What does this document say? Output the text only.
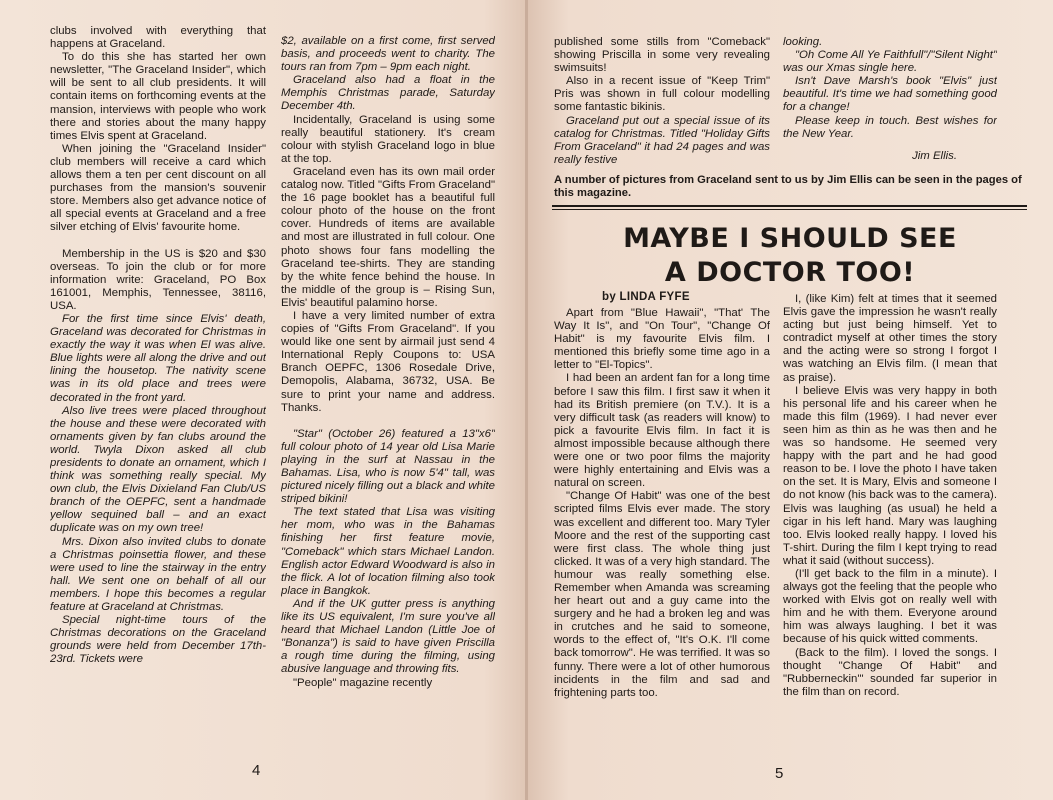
clubs involved with everything that happens at Graceland.

To do this she has started her own newsletter, "The Graceland Insider", which will be sent to all club presidents. It will contain items on forthcoming events at the mansion, interviews with people who work there and stories about the many happy times Elvis spent at Graceland.

When joining the "Graceland Insider" club members will receive a card which allows them a ten per cent discount on all purchases from the mansion's souvenir store. Members also get advance notice of all special events at Graceland and a free silver etching of Elvis' favourite home.

Membership in the US is $20 and $30 overseas. To join the club or for more information write: Graceland, PO Box 161001, Memphis, Tennessee, 38116, USA.

For the first time since Elvis' death, Graceland was decorated for Christmas in exactly the way it was when El was alive. Blue lights were all along the drive and out lining the housetop. The nativity scene was in its old place and trees were decorated in the front yard.

Also live trees were placed throughout the house and these were decorated with ornaments given by fan clubs around the world. Twyla Dixon asked all club presidents to donate an ornament, which I think was something really special. My own club, the Elvis Dixieland Fan Club/US branch of the OEPFC, sent a handmade yellow sequined ball – and an exact duplicate was on my own tree!

Mrs. Dixon also invited clubs to donate a Christmas poinsettia flower, and these were used to line the stairway in the entry hall. We sent one on behalf of all our members. I hope this becomes a regular feature at Graceland at Christmas.

Special night-time tours of the Christmas decorations on the Graceland grounds were held from December 17th-23rd. Tickets were

$2, available on a first come, first served basis, and proceeds went to charity. The tours ran from 7pm – 9pm each night.

Graceland also had a float in the Memphis Christmas parade, Saturday December 4th.

Incidentally, Graceland is using some really beautiful stationery. It's cream colour with stylish Graceland logo in blue at the top.

Graceland even has its own mail order catalog now. Titled "Gifts From Graceland" the 16 page booklet has a beautiful full colour photo of the house on the front cover. Hundreds of items are available and most are illustrated in full colour. One photo shows four fans modelling the Graceland tee-shirts. They are standing by the white fence behind the house. In the middle of the group is – Rising Sun, Elvis' beautiful palamino horse.

I have a very limited number of extra copies of "Gifts From Graceland". If you would like one sent by airmail just send 4 International Reply Coupons to: USA Branch OEPFC, 1306 Rosedale Drive, Demopolis, Alabama, 36732, USA. Be sure to print your name and address. Thanks.

"Star" (October 26) featured a 13"x6" full colour photo of 14 year old Lisa Marie playing in the surf at Nassau in the Bahamas. Lisa, who is now 5'4" tall, was pictured nicely filling out a black and white striped bikini!

The text stated that Lisa was visiting her mom, who was in the Bahamas finishing her first feature movie, "Comeback" which stars Michael Landon. English actor Edward Woodward is also in the flick. A lot of location filming also took place in Bangkok.

And if the UK gutter press is anything like its US equivalent, I'm sure you've all heard that Michael Landon (Little Joe of "Bonanza") is said to have given Priscilla a rough time during the filming, using abusive language and throwing fits.

"People" magazine recently

4

published some stills from "Comeback" showing Priscilla in some very revealing swimsuits!

Also in a recent issue of "Keep Trim" Pris was shown in full colour modelling some fantastic bikinis.

Graceland put out a special issue of its catalog for Christmas. Titled "Holiday Gifts From Graceland" it had 24 pages and was really festive

looking.

"Oh Come All Ye Faithfull"/"Silent Night" was our Xmas single here.

Isn't Dave Marsh's book "Elvis" just beautiful. It's time we had something good for a change!

Please keep in touch. Best wishes for the New Year.

Jim Ellis.

A number of pictures from Graceland sent to us by Jim Ellis can be seen in the pages of this magazine.
MAYBE I SHOULD SEE
A DOCTOR TOO!
by LINDA FYFE

Apart from "Blue Hawaii", "That' The Way It Is", and "On Tour", "Change Of Habit" is my favourite Elvis film. I mentioned this briefly some time ago in a letter to "El-Topics".

I had been an ardent fan for a long time before I saw this film. I first saw it when it had its British premiere (on T.V.). It is a very difficult task (as readers will know) to pick a favourite Elvis film. In fact it is almost impossible because although there were one or two poor films the majority were highly entertaining and Elvis was a natural on screen.

"Change Of Habit" was one of the best scripted films Elvis ever made. The story was excellent and different too. Mary Tyler Moore and the rest of the supporting cast were first class. The whole thing just clicked. It was of a very high standard. The humour was really something else. Remember when Amanda was screaming her heart out and a guy came into the surgery and he had a broken leg and was in crutches and he said to someone, words to the effect of, "It's O.K. I'll come back tomorrow". He was terrified. It was so funny. There were a lot of other humorous incidents in the film and sad and frightening parts too.

I, (like Kim) felt at times that it seemed Elvis gave the impression he wasn't really acting but just being himself. Yet to contradict myself at other times the story and the acting were so strong I forgot I was watching an Elvis film. (I mean that as praise).

I believe Elvis was very happy in both his personal life and his career when he made this film (1969). I had never ever seen him as thin as he was then and he was so handsome. He seemed very happy with the part and he had good reason to be. I love the photo I have taken on the set. It is Mary, Elvis and someone I do not know (his back was to the camera). Elvis was laughing (as usual) he held a cigar in his left hand. Mary was laughing too. Elvis looked really happy. I loved his T-shirt. During the film I kept trying to read what it said (without success).

(I'll get back to the film in a minute). I always got the feeling that the people who worked with Elvis got on really well with him and he with them. Everyone around him was always laughing. I bet it was because of his quick witted comments.

(Back to the film). I loved the songs. I thought "Change Of Habit" and "Rubberneckin'" sounded far superior in the film than on record.

5
